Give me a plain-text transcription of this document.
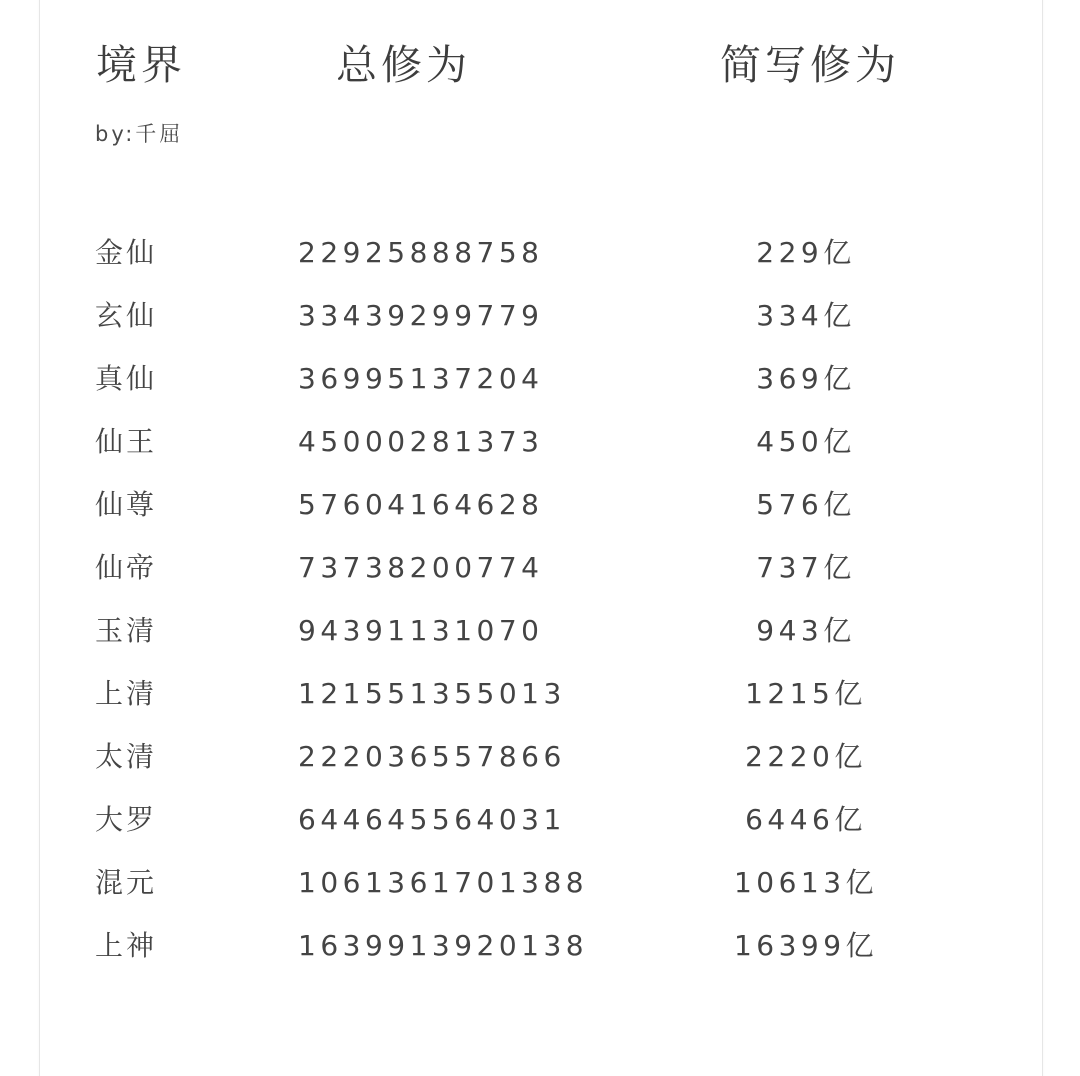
境界	总修为	简写修为
by:千屈
金仙	22925888758	229亿
玄仙	33439299779	334亿
真仙	36995137204	369亿
仙王	45000281373	450亿
仙尊	57604164628	576亿
仙帝	73738200774	737亿
玉清	94391131070	943亿
上清	121551355013	1215亿
太清	222036557866	2220亿
大罗	644645564031	6446亿
混元	1061361701388	10613亿
上神	1639913920138	16399亿
